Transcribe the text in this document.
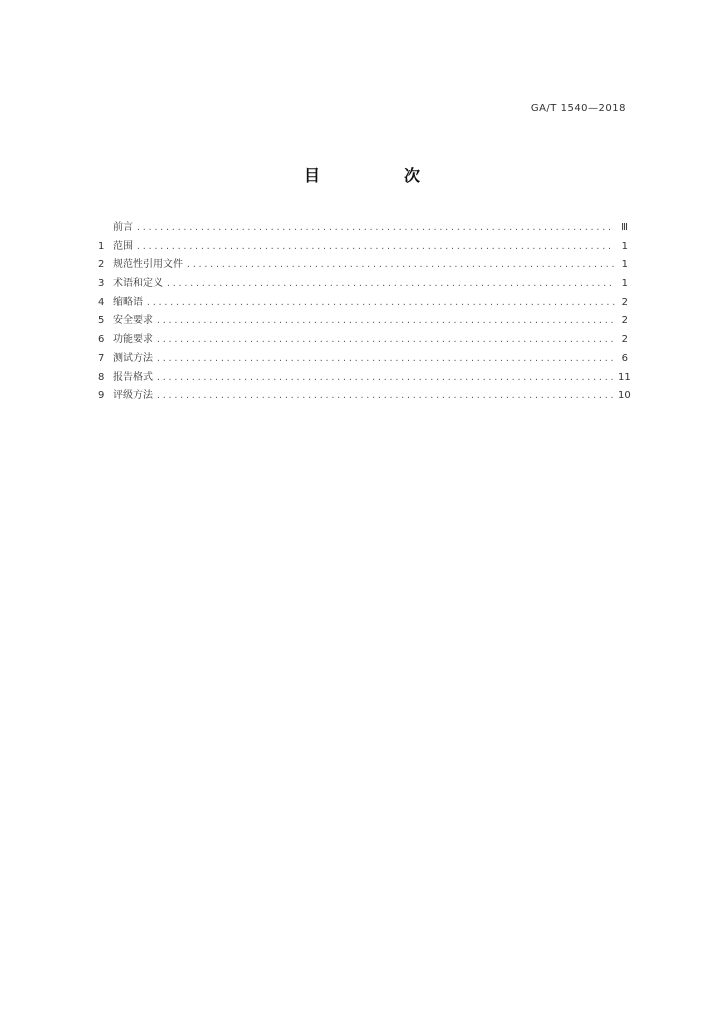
GA/T 1540—2018
目　次
前言 .....	Ⅲ
1 范围 .....	1
2 规范性引用文件 .....	1
3 术语和定义 .....	1
4 缩略语 .....	2
5 安全要求 .....	2
6 功能要求 .....	2
7 测试方法 .....	6
8 报告格式 .....	11
9 评级方法 .....	10
